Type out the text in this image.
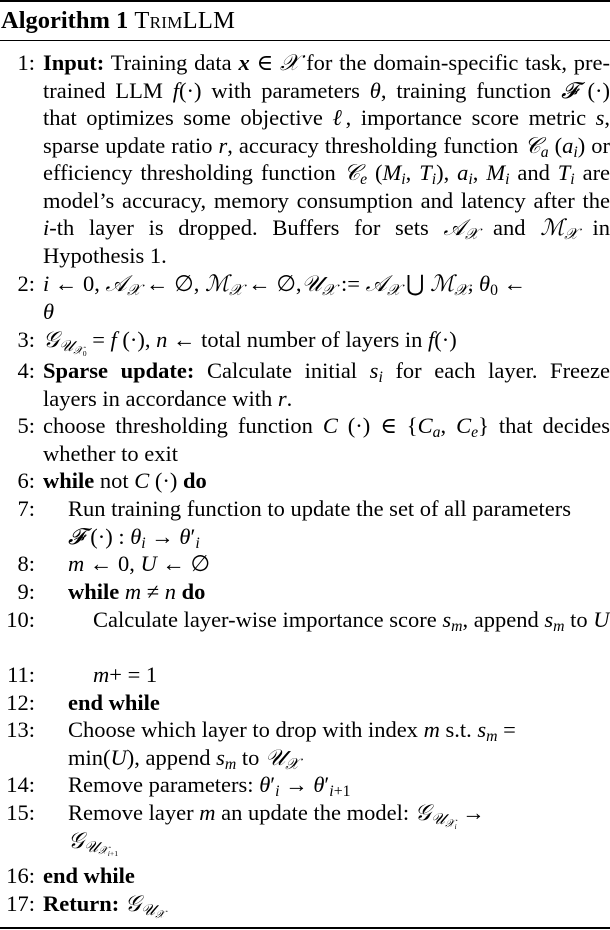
Algorithm 1 TrimLLM
1: Input: Training data x ∈ 𝒳 for the domain-specific task, pre-trained LLM f(·) with parameters θ, training function 𝓕 (·) that optimizes some objective ℓ, importance score metric s, sparse update ratio r, accuracy thresholding function 𝒞$_a$ $(a_i)$ or efficiency thresholding function 𝒞$_e$ ($M_i$, $T_i$), $a_i$, $M_i$ and $T_i$ are model’s accuracy, memory consumption and latency after the i-th layer is dropped. Buffers for sets 𝒜$_𝒳$ and ℳ$_𝒳$ in Hypothesis 1.
2: i ← 0, 𝒜$_𝒳$ ← ∅, ℳ$_𝒳$ ← ∅,𝒰$_𝒳$ := 𝒜$_𝒳$ ⋃ ℳ$_𝒳$, $\theta_0$ ←
θ
3: 𝒢$_{𝒰_{𝒳_0}}$ = f (·), n ← total number of layers in f(·)
4: Sparse update: Calculate initial $s_i$ for each layer. Freeze layers in accordance with r.
5: choose thresholding function C (·) ∈ {$C_a$, $C_e$} that decides whether to exit
6: while not C (·) do
7: Run training function to update the set of all parameters
𝓕 (·) : $\theta_i \to \theta'_i$
8: m ← 0, U ← ∅
9: while m ≠ n do
10:	Calculate layer-wise importance score $s_m$, append $s_m$ to U
11:	m+ = 1
12: end while
13: Choose which layer to drop with index m s.t. $s_m$ =
min(U), append $s_m$ to 𝒰$_𝒳$
14: Remove parameters: $\theta'_i \to \theta'_{i+1}$
15: Remove layer m an update the model: 𝒢$_{𝒰_{𝒳_i}}$ →
𝒢$_{𝒰_{𝒳_{i+1}}}$
16: end while
17: Return: 𝒢$_{𝒰_𝒳}$
